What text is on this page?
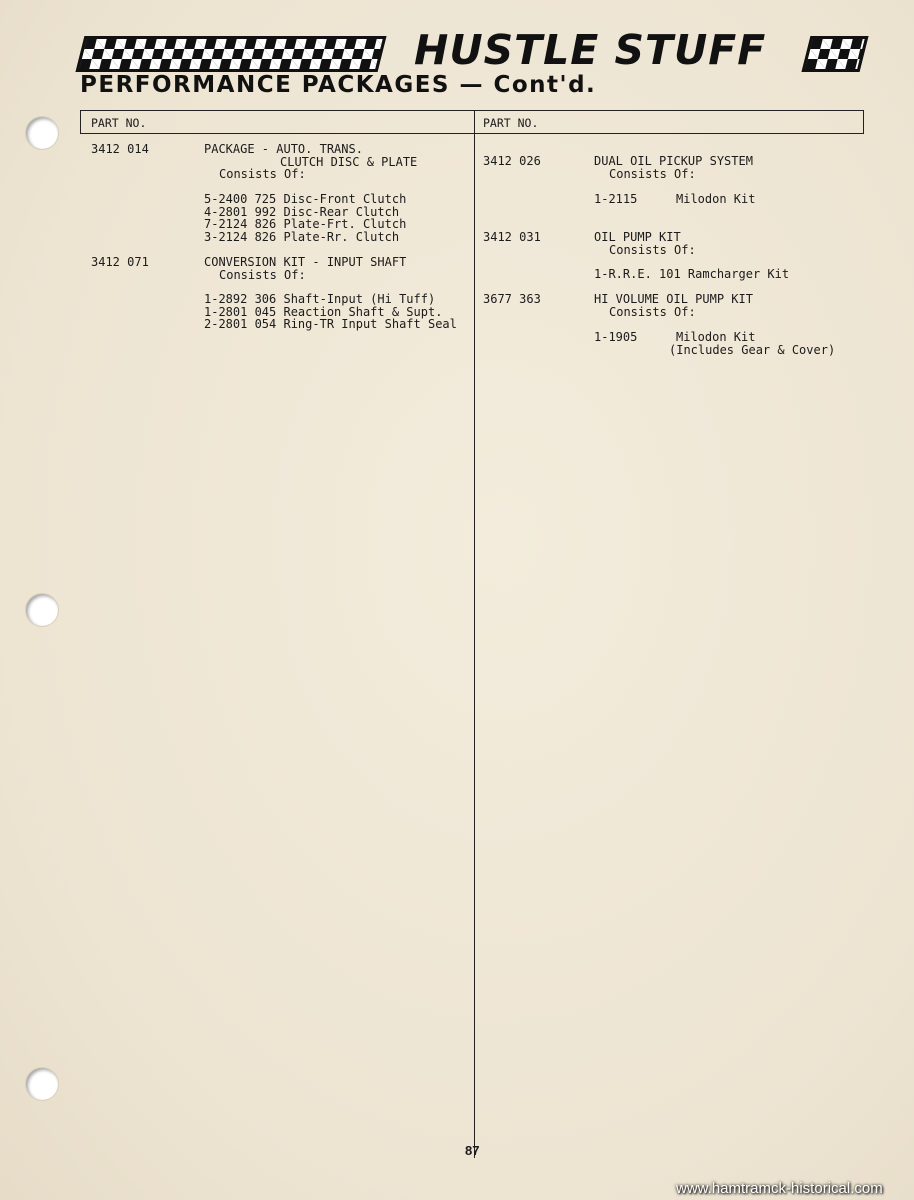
HUSTLE STUFF
PERFORMANCE PACKAGES — Cont'd.
PART NO.	PART NO.
3412 014	PACKAGE - AUTO. TRANS.
CLUTCH DISC & PLATE
Consists Of:
5-2400 725 Disc-Front Clutch
4-2801 992 Disc-Rear Clutch
7-2124 826 Plate-Frt. Clutch
3-2124 826 Plate-Rr. Clutch
3412 071	CONVERSION KIT - INPUT SHAFT
Consists Of:
1-2892 306 Shaft-Input (Hi Tuff)
1-2801 045 Reaction Shaft & Supt.
2-2801 054 Ring-TR Input Shaft Seal
3412 026	DUAL OIL PICKUP SYSTEM
Consists Of:
1-2115	Milodon Kit
3412 031	OIL PUMP KIT
Consists Of:
1-R.R.E. 101 Ramcharger Kit
3677 363	HI VOLUME OIL PUMP KIT
Consists Of:
1-1905	Milodon Kit
(Includes Gear & Cover)
87
www.hamtramck-historical.com
